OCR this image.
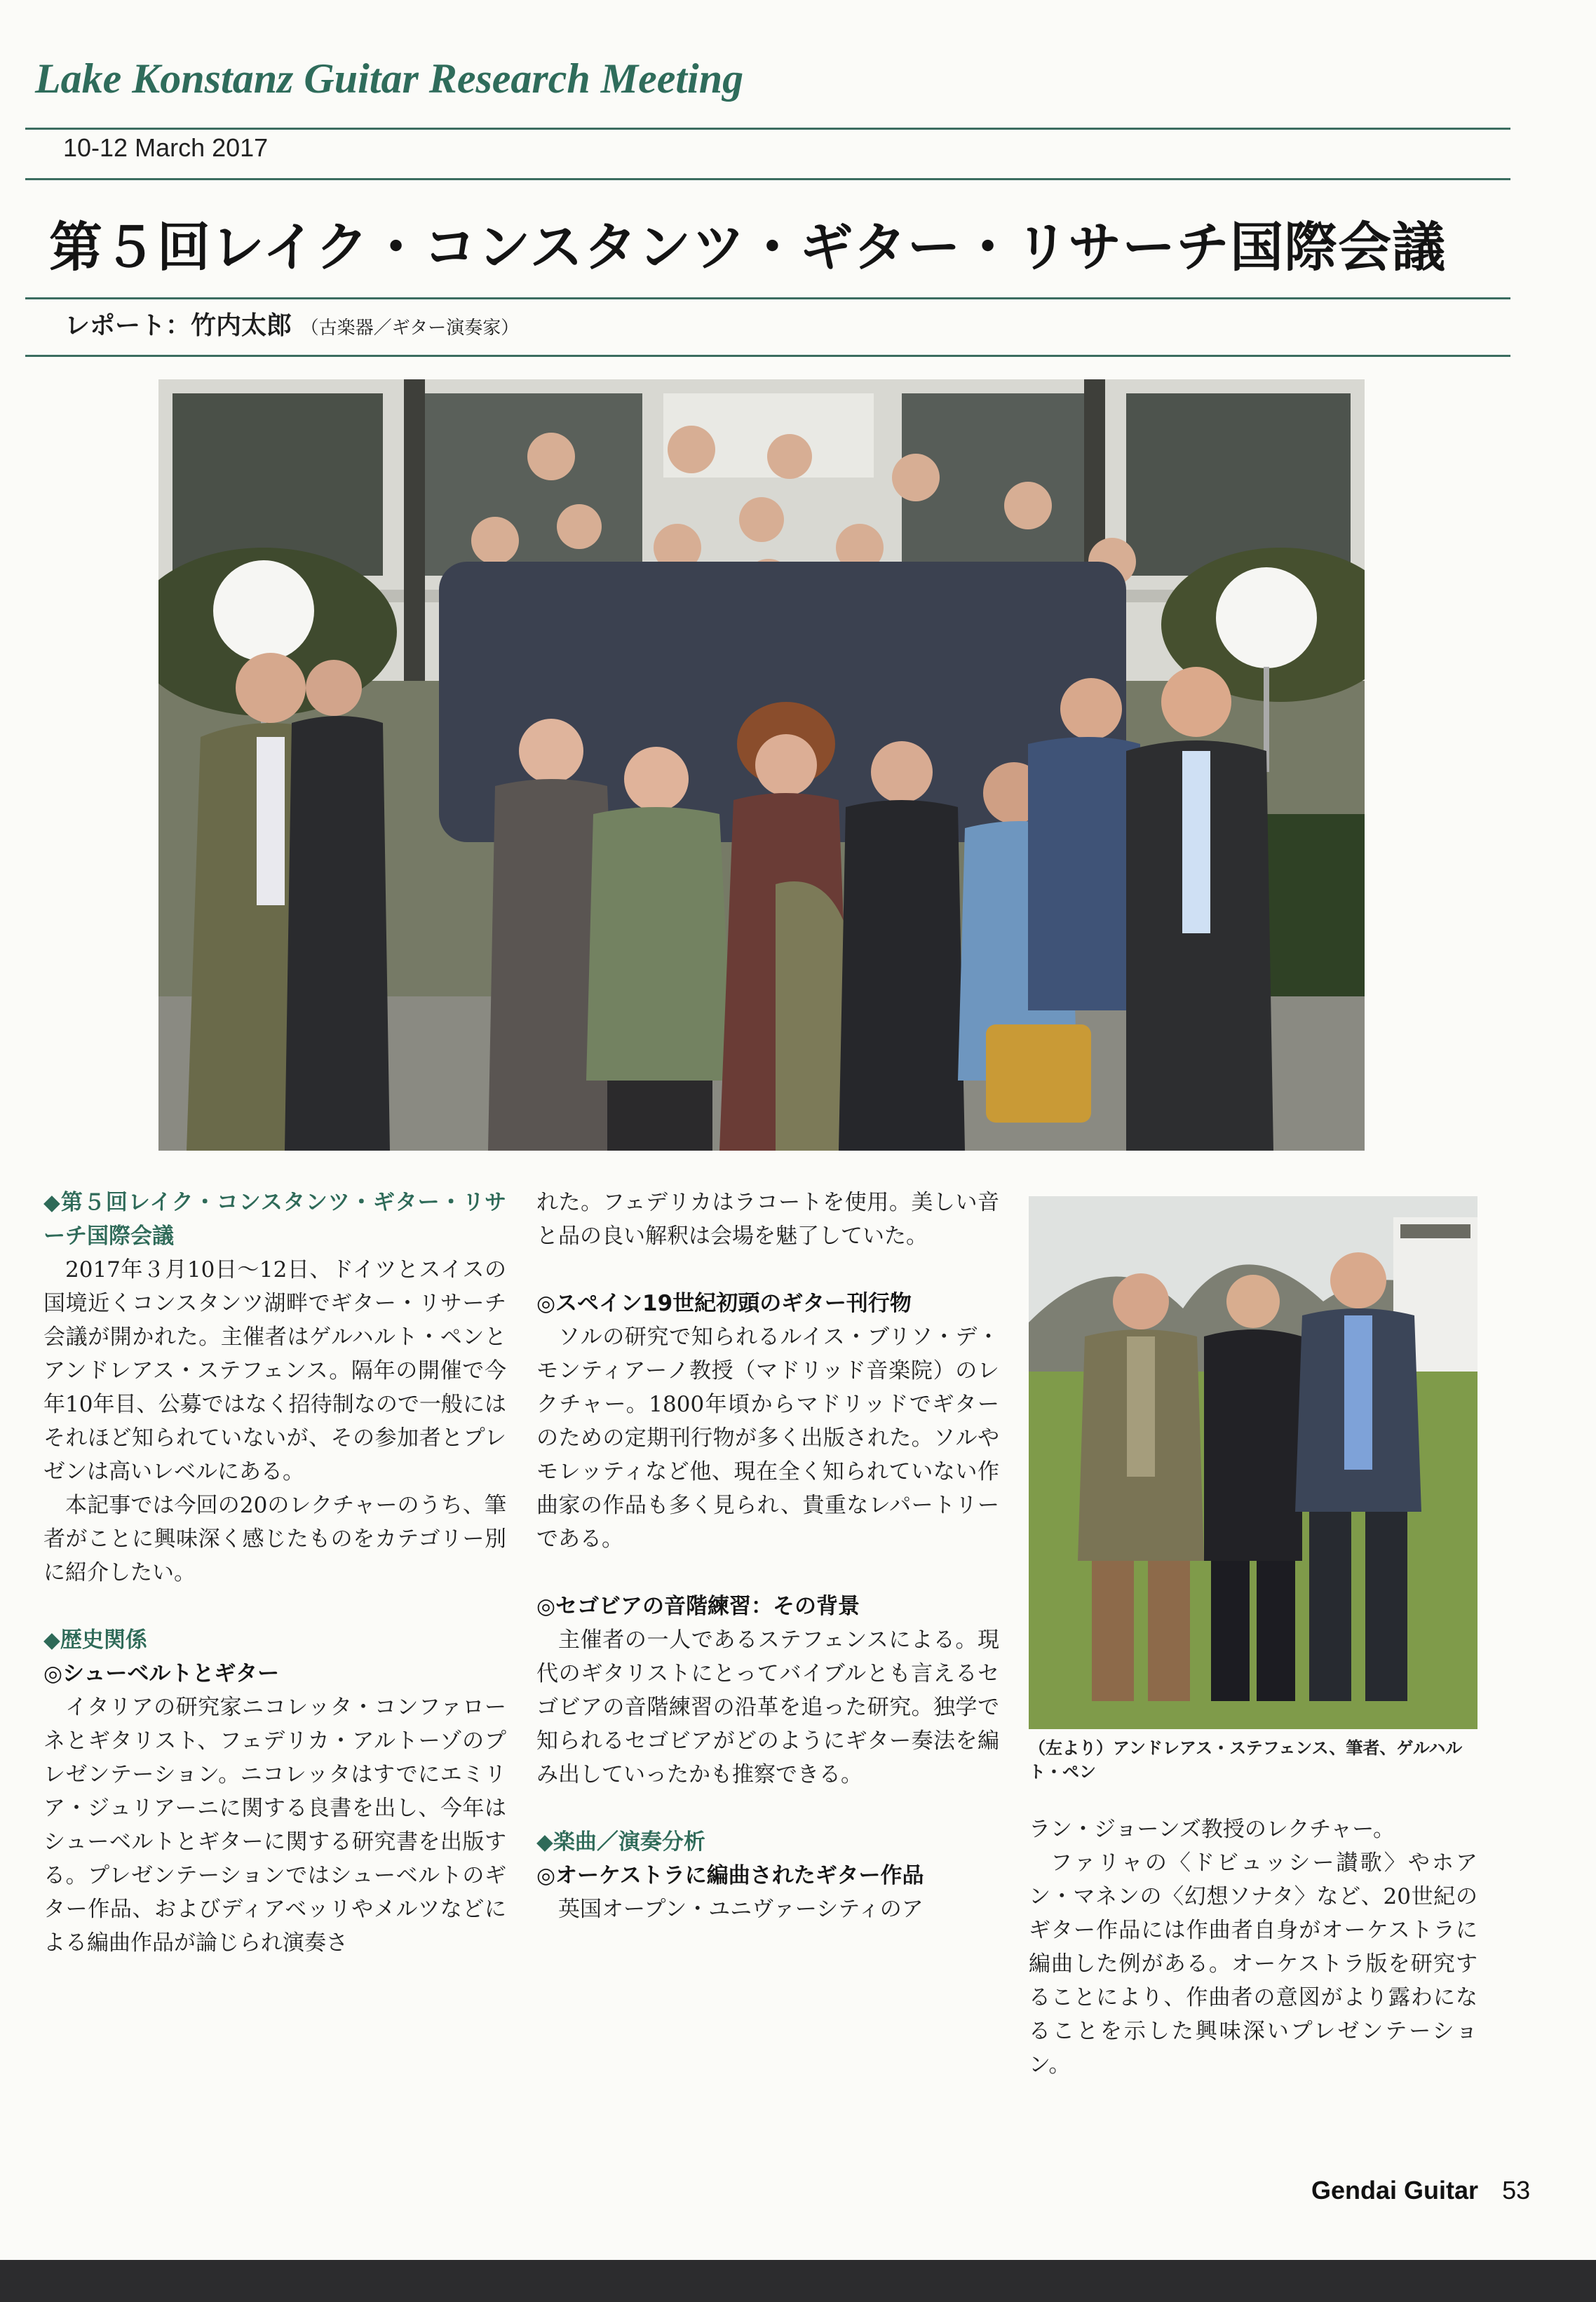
Lake Konstanz Guitar Research Meeting
10-12 March 2017
第５回レイク・コンスタンツ・ギター・リサーチ国際会議
レポート：竹内太郎 （古楽器／ギター演奏家）
◆第５回レイク・コンスタンツ・ギター・リサーチ国際会議

2017年３月10日～12日、ドイツとスイスの国境近くコンスタンツ湖畔でギター・リサーチ会議が開かれた。主催者はゲルハルト・ペンとアンドレアス・ステフェンス。隔年の開催で今年10年目、公募ではなく招待制なので一般にはそれほど知られていないが、その参加者とプレゼンは高いレベルにある。

本記事では今回の20のレクチャーのうち、筆者がことに興味深く感じたものをカテゴリー別に紹介したい。

◆歴史関係
◎シューベルトとギター

イタリアの研究家ニコレッタ・コンファローネとギタリスト、フェデリカ・アルトーゾのプレゼンテーション。ニコレッタはすでにエミリア・ジュリアーニに関する良書を出し、今年はシューベルトとギターに関する研究書を出版する。プレゼンテーションではシューベルトのギター作品、およびディアベッリやメルツなどによる編曲作品が論じられ演奏さ

れた。フェデリカはラコートを使用。美しい音と品の良い解釈は会場を魅了していた。

◎スペイン19世紀初頭のギター刊行物

ソルの研究で知られるルイス・ブリソ・デ・モンティアーノ教授（マドリッド音楽院）のレクチャー。1800年頃からマドリッドでギターのための定期刊行物が多く出版された。ソルやモレッティなど他、現在全く知られていない作曲家の作品も多く見られ、貴重なレパートリーである。

◎セゴビアの音階練習：その背景

主催者の一人であるステフェンスによる。現代のギタリストにとってバイブルとも言えるセゴビアの音階練習の沿革を追った研究。独学で知られるセゴビアがどのようにギター奏法を編み出していったかも推察できる。

◆楽曲／演奏分析
◎オーケストラに編曲されたギター作品

英国オープン・ユニヴァーシティのア

（左より）アンドレアス・ステフェンス、筆者、ゲルハルト・ペン

ラン・ジョーンズ教授のレクチャー。

ファリャの〈ドビュッシー讃歌〉やホアン・マネンの〈幻想ソナタ〉など、20世紀のギター作品には作曲者自身がオーケストラに編曲した例がある。オーケストラ版を研究することにより、作曲者の意図がより露わになることを示した興味深いプレゼンテーション。

Gendai Guitar 53
